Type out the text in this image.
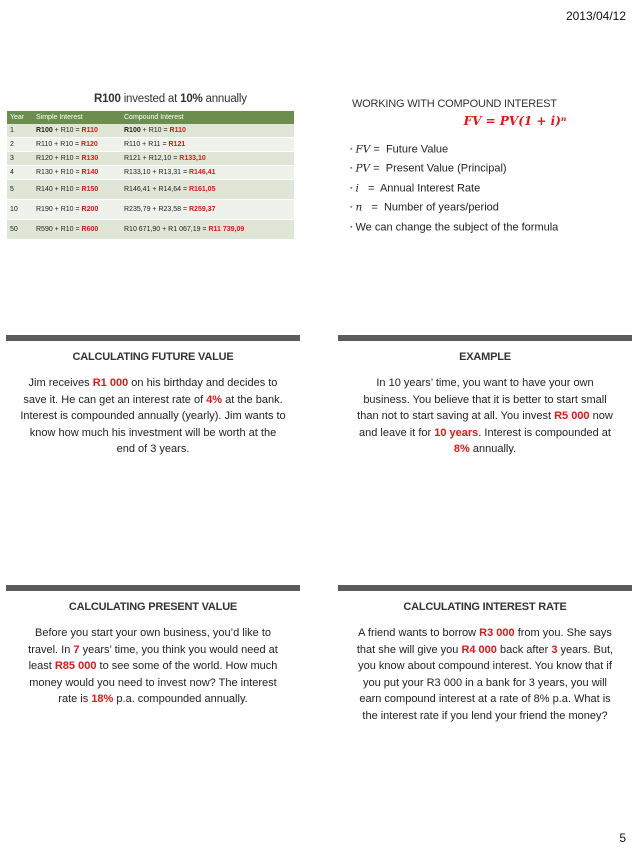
2013/04/12
R100 invested at 10% annually
Year	Simple Interest	Compound Interest
1	R100 + R10 = R110	R100 + R10 = R110
2	R110 + R10 = R120	R110 + R11 = R121
3	R120 + R10 = R130	R121 + R12,10 = R133,10
4	R130 + R10 = R140	R133,10 + R13,31 = R146,41
5	R140 + R10 = R150	R146,41 + R14,64 = R161,05
10	R190 + R10 = R200	R235,79 + R23,58 = R259,37
50	R590 + R10 = R600	R10 671,90 + R1 067,19 = R11 739,09
WORKING WITH COMPOUND INTEREST
FV = PV(1 + i)ⁿ
▪ FV =  Future Value
▪ PV =  Present Value (Principal)
▪ i   =  Annual Interest Rate
▪ n   =  Number of years/period
▪ We can change the subject of the formula
CALCULATING FUTURE VALUE
Jim receives R1 000 on his birthday and decides to save it. He can get an interest rate of 4% at the bank. Interest is compounded annually (yearly). Jim wants to know how much his investment will be worth at the end of 3 years.
EXAMPLE
In 10 years’ time, you want to have your own business. You believe that it is better to start small than not to start saving at all. You invest R5 000 now and leave it for 10 years. Interest is compounded at 8% annually.
CALCULATING PRESENT VALUE
Before you start your own business, you’d like to travel. In 7 years’ time, you think you would need at least R85 000 to see some of the world. How much money would you need to invest now? The interest rate is 18% p.a. compounded annually.
CALCULATING INTEREST RATE
A friend wants to borrow R3 000 from you. She says that she will give you R4 000 back after 3 years. But, you know about compound interest. You know that if you put your R3 000 in a bank for 3 years, you will earn compound interest at a rate of 8% p.a. What is the interest rate if you lend your friend the money?
5
